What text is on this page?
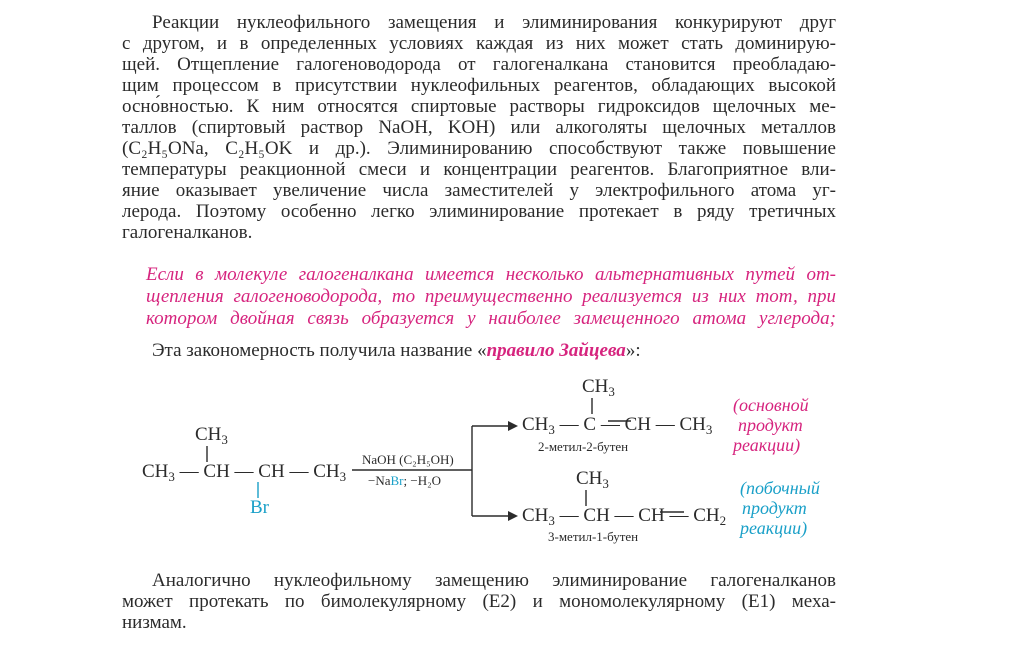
Реакции нуклеофильного замещения и элиминирования конкурируют друг
с другом, и в определенных условиях каждая из них может стать доминирую-
щей. Отщепление галогеноводорода от галогеналкана становится преобладаю-
щим процессом в присутствии нуклеофильных реагентов, обладающих высокой
осно́вностью. К ним относятся спиртовые растворы гидроксидов щелочных ме-
таллов (спиртовый раствор NaOH, KOH) или алкоголяты щелочных металлов
(C₂H₅ONa, C₂H₅OK и др.). Элиминированию способствуют также повышение
температуры реакционной смеси и концентрации реагентов. Благоприятное вли-
яние оказывает увеличение числа заместителей у электрофильного атома уг-
лерода. Поэтому особенно легко элиминирование протекает в ряду третичных
галогеналканов.
Если в молекуле галогеналкана имеется несколько альтернативных путей от-
щепления галогеноводорода, то преимущественно реализуется из них тот, при
котором двойная связь образуется у наиболее замещенного атома углерода;
Эта закономерность получила название «правило Зайцева»:
$CH_3$
$CH_3$ — CH — CH — $CH_3$
Br
NaOH (C₂H₅OH)
−NaBr; −H₂O
$CH_3$
$CH_3$ — C — CH — $CH_3$
2-метил-2-бутен
$CH_3$
$CH_3$ — CH — CH — $CH_2$
3-метил-1-бутен
(основной
продукт
реакции)
(побочный
продукт
реакции)
Аналогично нуклеофильному замещению элиминирование галогеналканов
может протекать по бимолекулярному (E2) и мономолекулярному (E1) меха-
низмам.
